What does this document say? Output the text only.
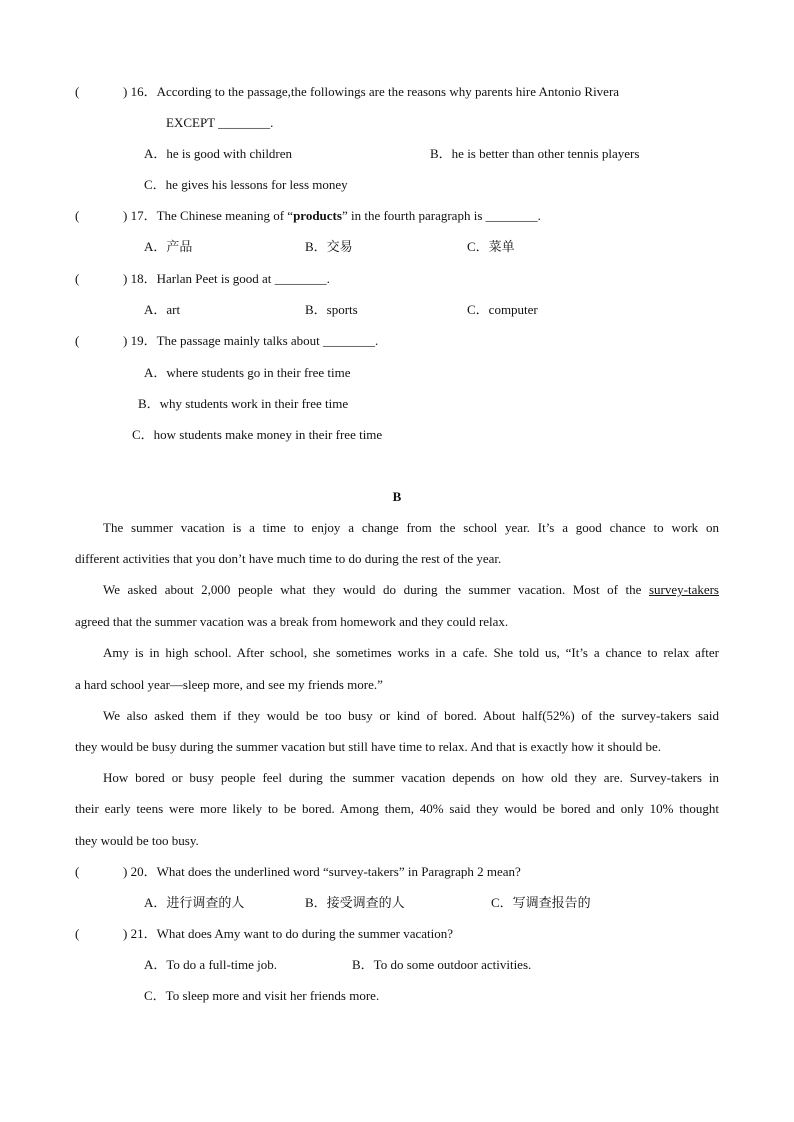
(	) 16．According to the passage,the followings are the reasons why parents hire Antonio Rivera
EXCEPT ________.
A．he is good with children	B．he is better than other tennis players
C．he gives his lessons for less money
(	) 17．The Chinese meaning of “products” in the fourth paragraph is ________.
A．产品	B．交易	C．菜单
(	) 18．Harlan Peet is good at ________.
A．art	B．sports	C．computer
(	) 19．The passage mainly talks about ________.
A．where students go in their free time
B．why students work in their free time
C．how students make money in their free time
B
The summer vacation is a time to enjoy a change from the school year. It’s a good chance to work on
different activities that you don’t have much time to do during the rest of the year.
We asked about 2,000 people what they would do during the summer vacation. Most of the survey-takers
agreed that the summer vacation was a break from homework and they could relax.
Amy is in high school. After school, she sometimes works in a cafe. She told us, “It’s a chance to relax after
a hard school year—sleep more, and see my friends more.”
We also asked them if they would be too busy or kind of bored. About half(52%) of the survey-takers said
they would be busy during the summer vacation but still have time to relax. And that is exactly how it should be.
How bored or busy people feel during the summer vacation depends on how old they are. Survey-takers in
their early teens were more likely to be bored. Among them, 40% said they would be bored and only 10% thought
they would be too busy.
(	) 20．What does the underlined word “survey-takers” in Paragraph 2 mean?
A．进行调查的人	B．接受调查的人	C．写调查报告的
(	) 21．What does Amy want to do during the summer vacation?
A．To do a full-time job.	B．To do some outdoor activities.
C．To sleep more and visit her friends more.
